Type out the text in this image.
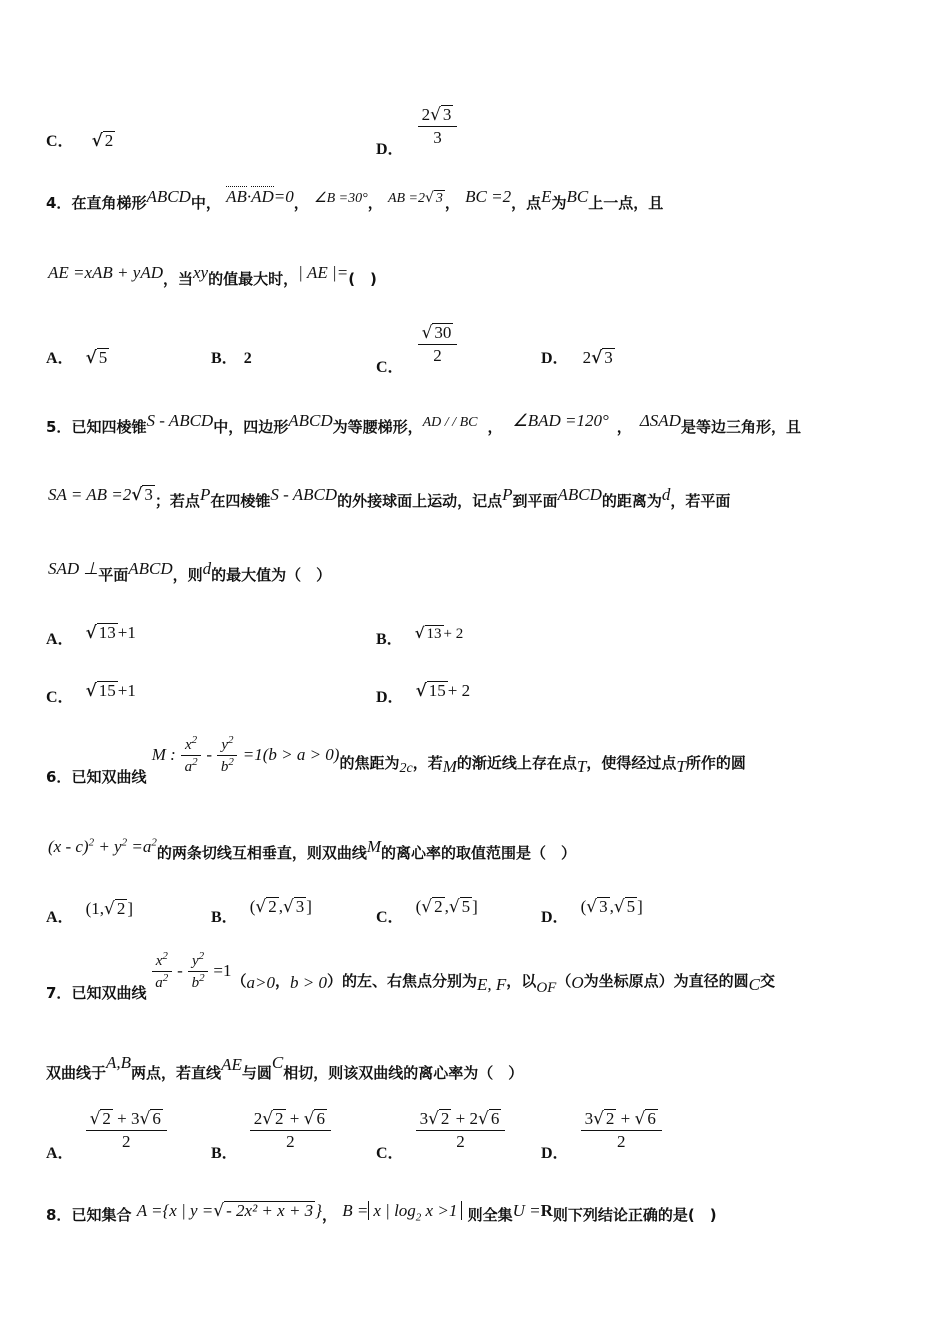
C． √ 2	D．
$\frac{2√ 3}{3}$
4．在直角梯形ABCD中， AB·AD=0， ∠B =30°， AB =2√ 3 ， BC =2，点E为BC上一点，且
AE =xAB + yAD，当xy的值最大时，| AE |=(　)
A． √ 5	B． 2
C．
$\frac{√ 30}{2}$	D． 2√ 3
5．已知四棱锥S - ABCD中，四边形ABCD为等腰梯形，AD / / BC ， ∠BAD =120° ， ΔSAD是等边三角形，且
SA = AB =2√ 3 ；若点P在四棱锥S - ABCD的外接球面上运动，记点P到平面ABCD的距离为d，若平面
SAD ⊥平面ABCD，则d的最大值为（　）
A． √ 13 +1	B． √ 13 + 2
C． √ 15 +1	D． √ 15 + 2
6．已知双曲线 M : $\frac{x^2}{a^2} - \frac{y^2}{b^2} =1(b > a > 0)$的焦距为2c，若M的渐近线上存在点T，使得经过点T所作的圆
$(x - c)^2 + y^2 =a^2$的两条切线互相垂直，则双曲线M的离心率的取值范围是（　）
A． (1,√ 2 ]	B． (√ 2 ,√ 3 ]
C． (√ 2 ,√ 5 ]
D． (√ 3 ,√ 5 ]
7．已知双曲线
$\frac{x^2}{a^2} - \frac{y^2}{b^2} =1(a>0$，b > 0）的左、右焦点分别为E, F，以OF（O为坐标原点）为直径的圆C交
双曲线于A,B两点，若直线AE与圆C相切，则该双曲线的离心率为（　）
A．
$\frac{√ 2 + 3√ 6}{2}$
B．
$\frac{2√ 2 + √ 6}{2}$
C．
$\frac{3√ 2 + 2√ 6}{2}$
D．
$\frac{3√ 2 + √ 6}{2}$
8．已知集合 A ={x | y =√ - 2x² + x + 3 }， B = x | $\log_2 x >1$ 则全集U =R则下列结论正确的是(　)
